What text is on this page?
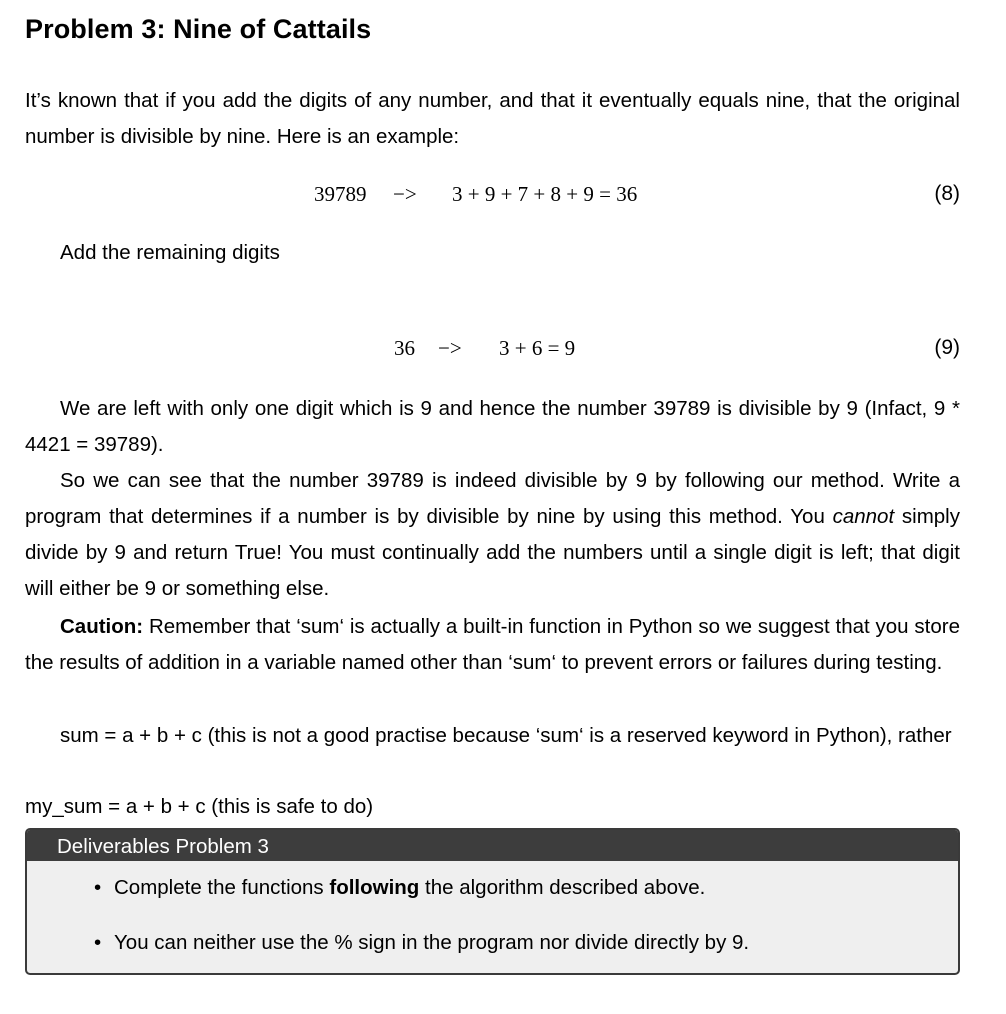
Problem 3: Nine of Cattails

It’s known that if you add the digits of any number, and that it eventually equals nine, that the original number is divisible by nine. Here is an example:

39789 −> 3 + 9 + 7 + 8 + 9 = 36	(8)
Add the remaining digits
36 −> 3 + 6 = 9	(9)

We are left with only one digit which is 9 and hence the number 39789 is divisible by 9 (Infact, 9 * 4421 = 39789).

So we can see that the number 39789 is indeed divisible by 9 by following our method. Write a program that determines if a number is by divisible by nine by using this method. You cannot simply divide by 9 and return True! You must continually add the numbers until a single digit is left; that digit will either be 9 or something else.

Caution: Remember that ‘sum‘ is actually a built-in function in Python so we suggest that you store the results of addition in a variable named other than ‘sum‘ to prevent errors or failures during testing.

sum = a + b + c (this is not a good practise because ‘sum‘ is a reserved keyword in Python), rather

my_sum = a + b + c (this is safe to do)
Deliverables Problem 3
• Complete the functions following the algorithm described above.
• You can neither use the % sign in the program nor divide directly by 9.
